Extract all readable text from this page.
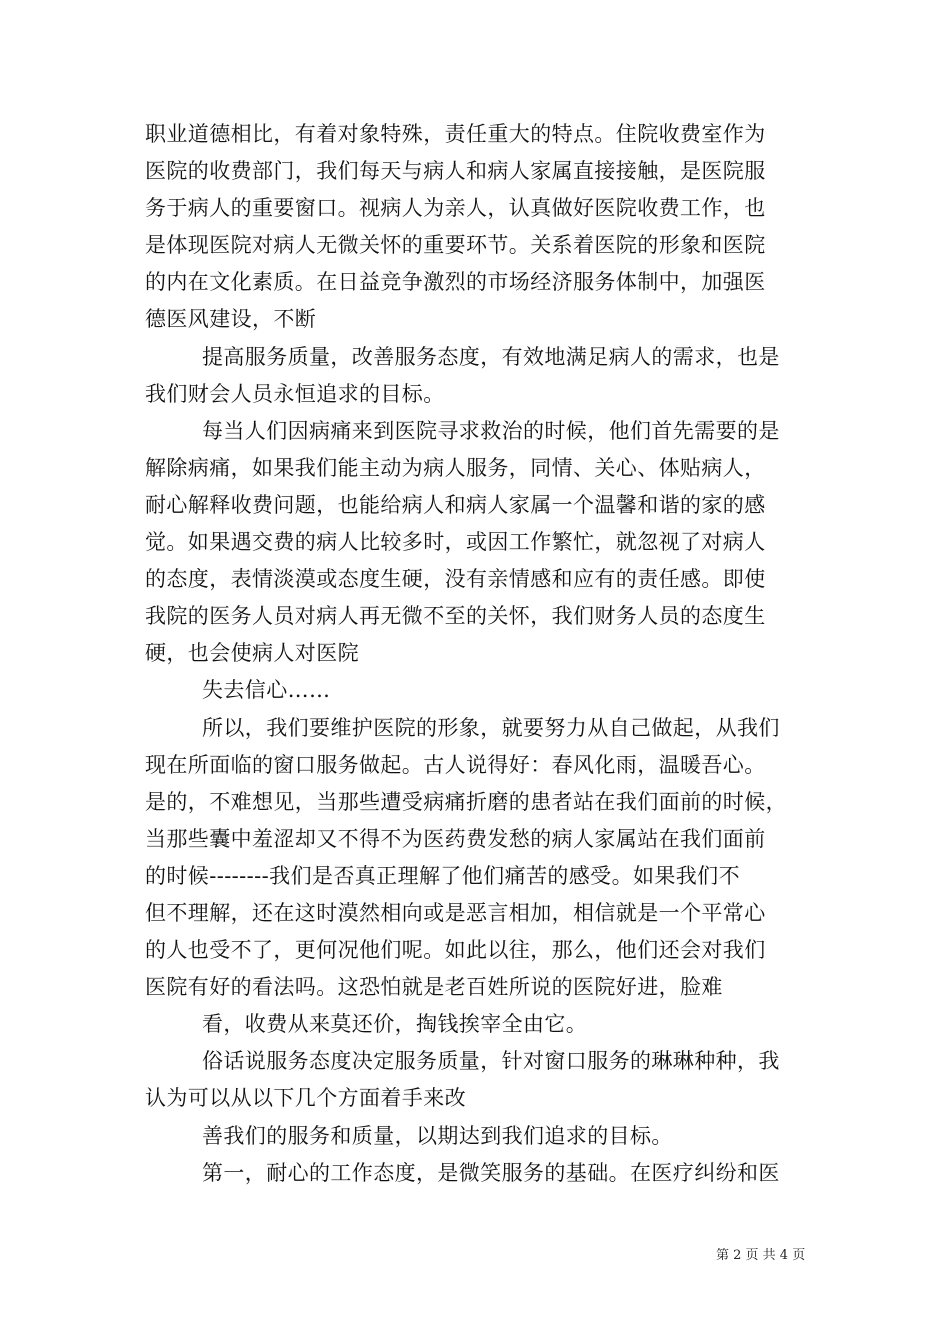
职业道德相比，有着对象特殊，责任重大的特点。住院收费室作为
医院的收费部门，我们每天与病人和病人家属直接接触，是医院服
务于病人的重要窗口。视病人为亲人，认真做好医院收费工作，也
是体现医院对病人无微关怀的重要环节。关系着医院的形象和医院
的内在文化素质。在日益竞争激烈的市场经济服务体制中，加强医
德医风建设，不断
提高服务质量，改善服务态度，有效地满足病人的需求，也是
我们财会人员永恒追求的目标。
每当人们因病痛来到医院寻求救治的时候，他们首先需要的是
解除病痛，如果我们能主动为病人服务，同情、关心、体贴病人，
耐心解释收费问题，也能给病人和病人家属一个温馨和谐的家的感
觉。如果遇交费的病人比较多时，或因工作繁忙，就忽视了对病人
的态度，表情淡漠或态度生硬，没有亲情感和应有的责任感。即使
我院的医务人员对病人再无微不至的关怀，我们财务人员的态度生
硬，也会使病人对医院
失去信心……
所以，我们要维护医院的形象，就要努力从自己做起，从我们
现在所面临的窗口服务做起。古人说得好：春风化雨，温暖吾心。
是的，不难想见，当那些遭受病痛折磨的患者站在我们面前的时候，
当那些囊中羞涩却又不得不为医药费发愁的病人家属站在我们面前
的时候--------我们是否真正理解了他们痛苦的感受。如果我们不
但不理解，还在这时漠然相向或是恶言相加，相信就是一个平常心
的人也受不了，更何况他们呢。如此以往，那么，他们还会对我们
医院有好的看法吗。这恐怕就是老百姓所说的医院好进，脸难
看，收费从来莫还价，掏钱挨宰全由它。
俗话说服务态度决定服务质量，针对窗口服务的琳琳种种，我
认为可以从以下几个方面着手来改
善我们的服务和质量，以期达到我们追求的目标。
第一，耐心的工作态度，是微笑服务的基础。在医疗纠纷和医
第 2 页 共 4 页
